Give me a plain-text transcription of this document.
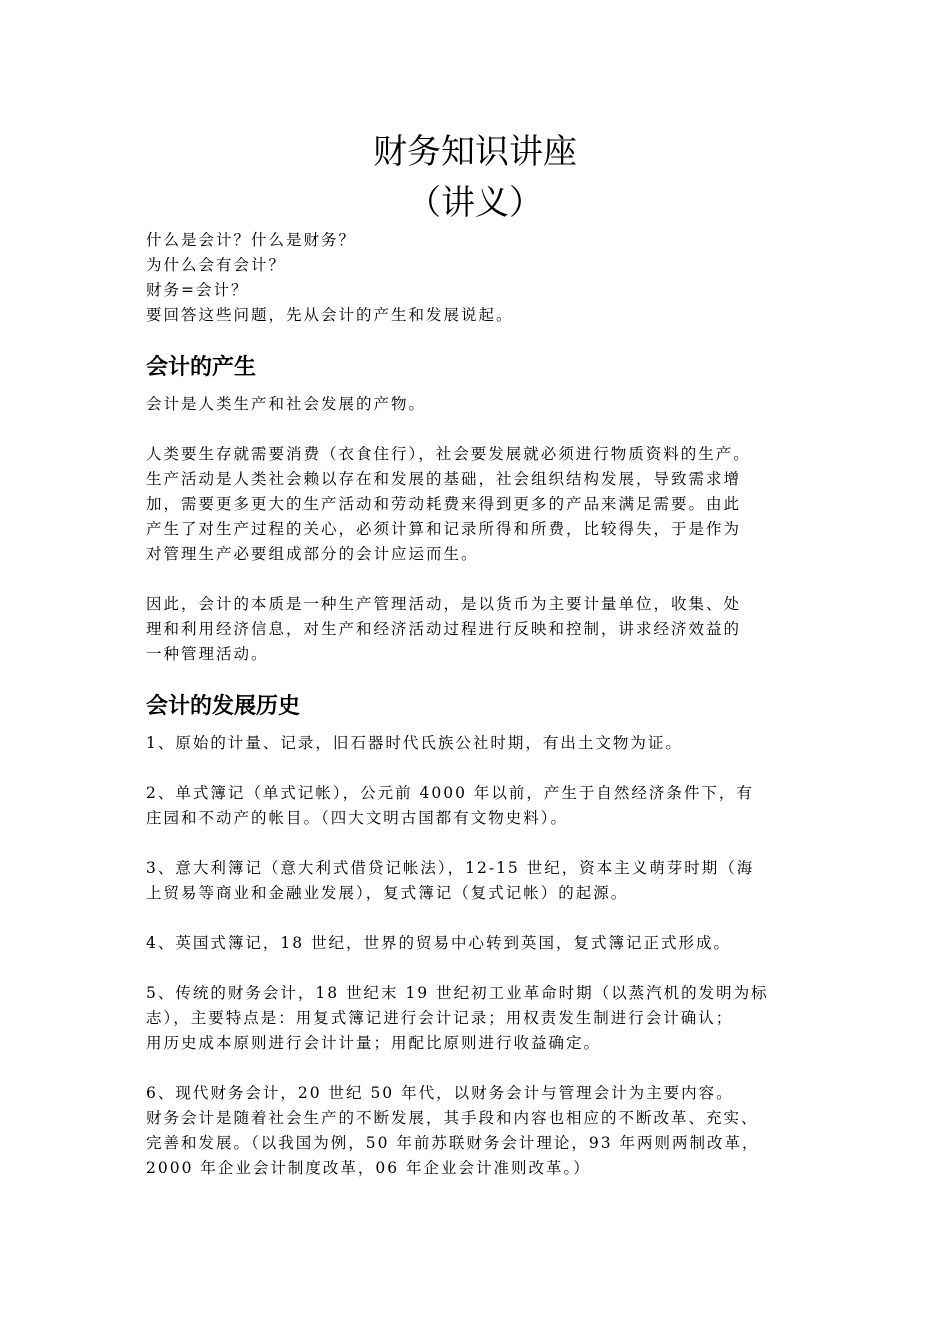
财务知识讲座
（讲义）
什么是会计？什么是财务？
为什么会有会计？
财务=会计？
要回答这些问题，先从会计的产生和发展说起。
会计的产生
会计是人类生产和社会发展的产物。
人类要生存就需要消费（衣食住行），社会要发展就必须进行物质资料的生产。
生产活动是人类社会赖以存在和发展的基础，社会组织结构发展，导致需求增
加，需要更多更大的生产活动和劳动耗费来得到更多的产品来满足需要。由此
产生了对生产过程的关心，必须计算和记录所得和所费，比较得失，于是作为
对管理生产必要组成部分的会计应运而生。
因此，会计的本质是一种生产管理活动，是以货币为主要计量单位，收集、处
理和利用经济信息，对生产和经济活动过程进行反映和控制，讲求经济效益的
一种管理活动。
会计的发展历史
1、原始的计量、记录，旧石器时代氏族公社时期，有出土文物为证。
2、单式簿记（单式记帐），公元前 4000 年以前，产生于自然经济条件下，有
庄园和不动产的帐目。（四大文明古国都有文物史料）。
3、意大利簿记（意大利式借贷记帐法），12-15 世纪，资本主义萌芽时期（海
上贸易等商业和金融业发展），复式簿记（复式记帐）的起源。
4、英国式簿记，18 世纪，世界的贸易中心转到英国，复式簿记正式形成。
5、传统的财务会计，18 世纪末 19 世纪初工业革命时期（以蒸汽机的发明为标
志），主要特点是：用复式簿记进行会计记录；用权责发生制进行会计确认；
用历史成本原则进行会计计量；用配比原则进行收益确定。
6、现代财务会计，20 世纪 50 年代，以财务会计与管理会计为主要内容。
财务会计是随着社会生产的不断发展，其手段和内容也相应的不断改革、充实、
完善和发展。（以我国为例，50 年前苏联财务会计理论，93 年两则两制改革，
2000 年企业会计制度改革，06 年企业会计准则改革。）
